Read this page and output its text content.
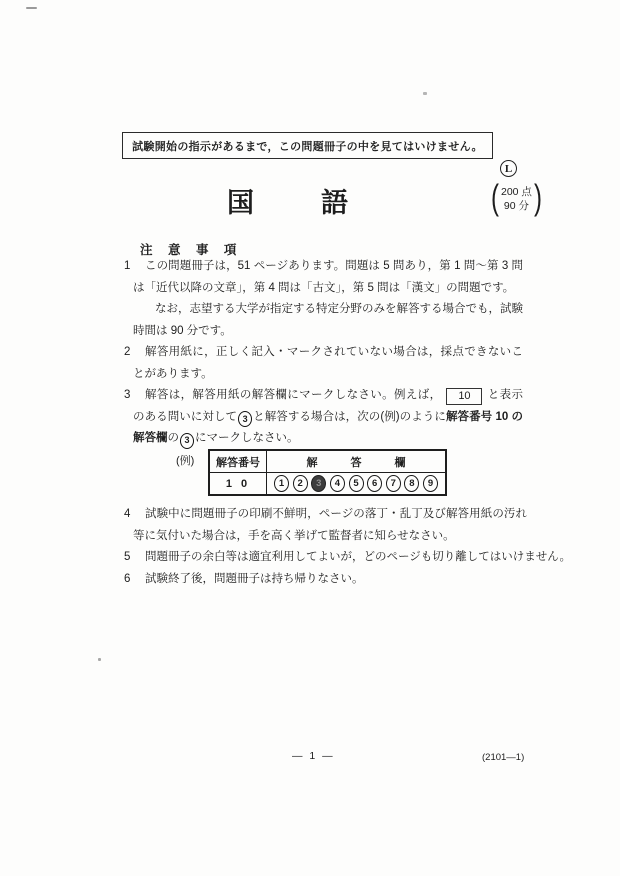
試験開始の指示があるまで，この問題冊子の中を見てはいけません。
L
国語	( 200 点
90 分 )
注 意 事 項
1	この問題冊子は，51 ページあります。問題は 5 問あり，第 1 問～第 3 問は「近代以降の文章」，第 4 問は「古文」，第 5 問は「漢文」の問題です。

なお，志望する大学が指定する特定分野のみを解答する場合でも，試験時間は 90 分です。

2	解答用紙に，正しく記入・マークされていない場合は，採点できないことがあります。

3	解答は，解答用紙の解答欄にマークしなさい。例えば， 10 と表示のある問いに対して 3 と解答する場合は，次の(例)のように解答番号 10 の解答欄の 3 にマークしなさい。

(例) 解答番号	解　答　欄
1 0	1	2	3	4	5	6	7	8	9
4	試験中に問題冊子の印刷不鮮明，ページの落丁・乱丁及び解答用紙の汚れ等に気付いた場合は，手を高く挙げて監督者に知らせなさい。

5	問題冊子の余白等は適宜利用してよいが，どのページも切り離してはいけません。

6	試験終了後，問題冊子は持ち帰りなさい。

— 1 —	(2101—1)
